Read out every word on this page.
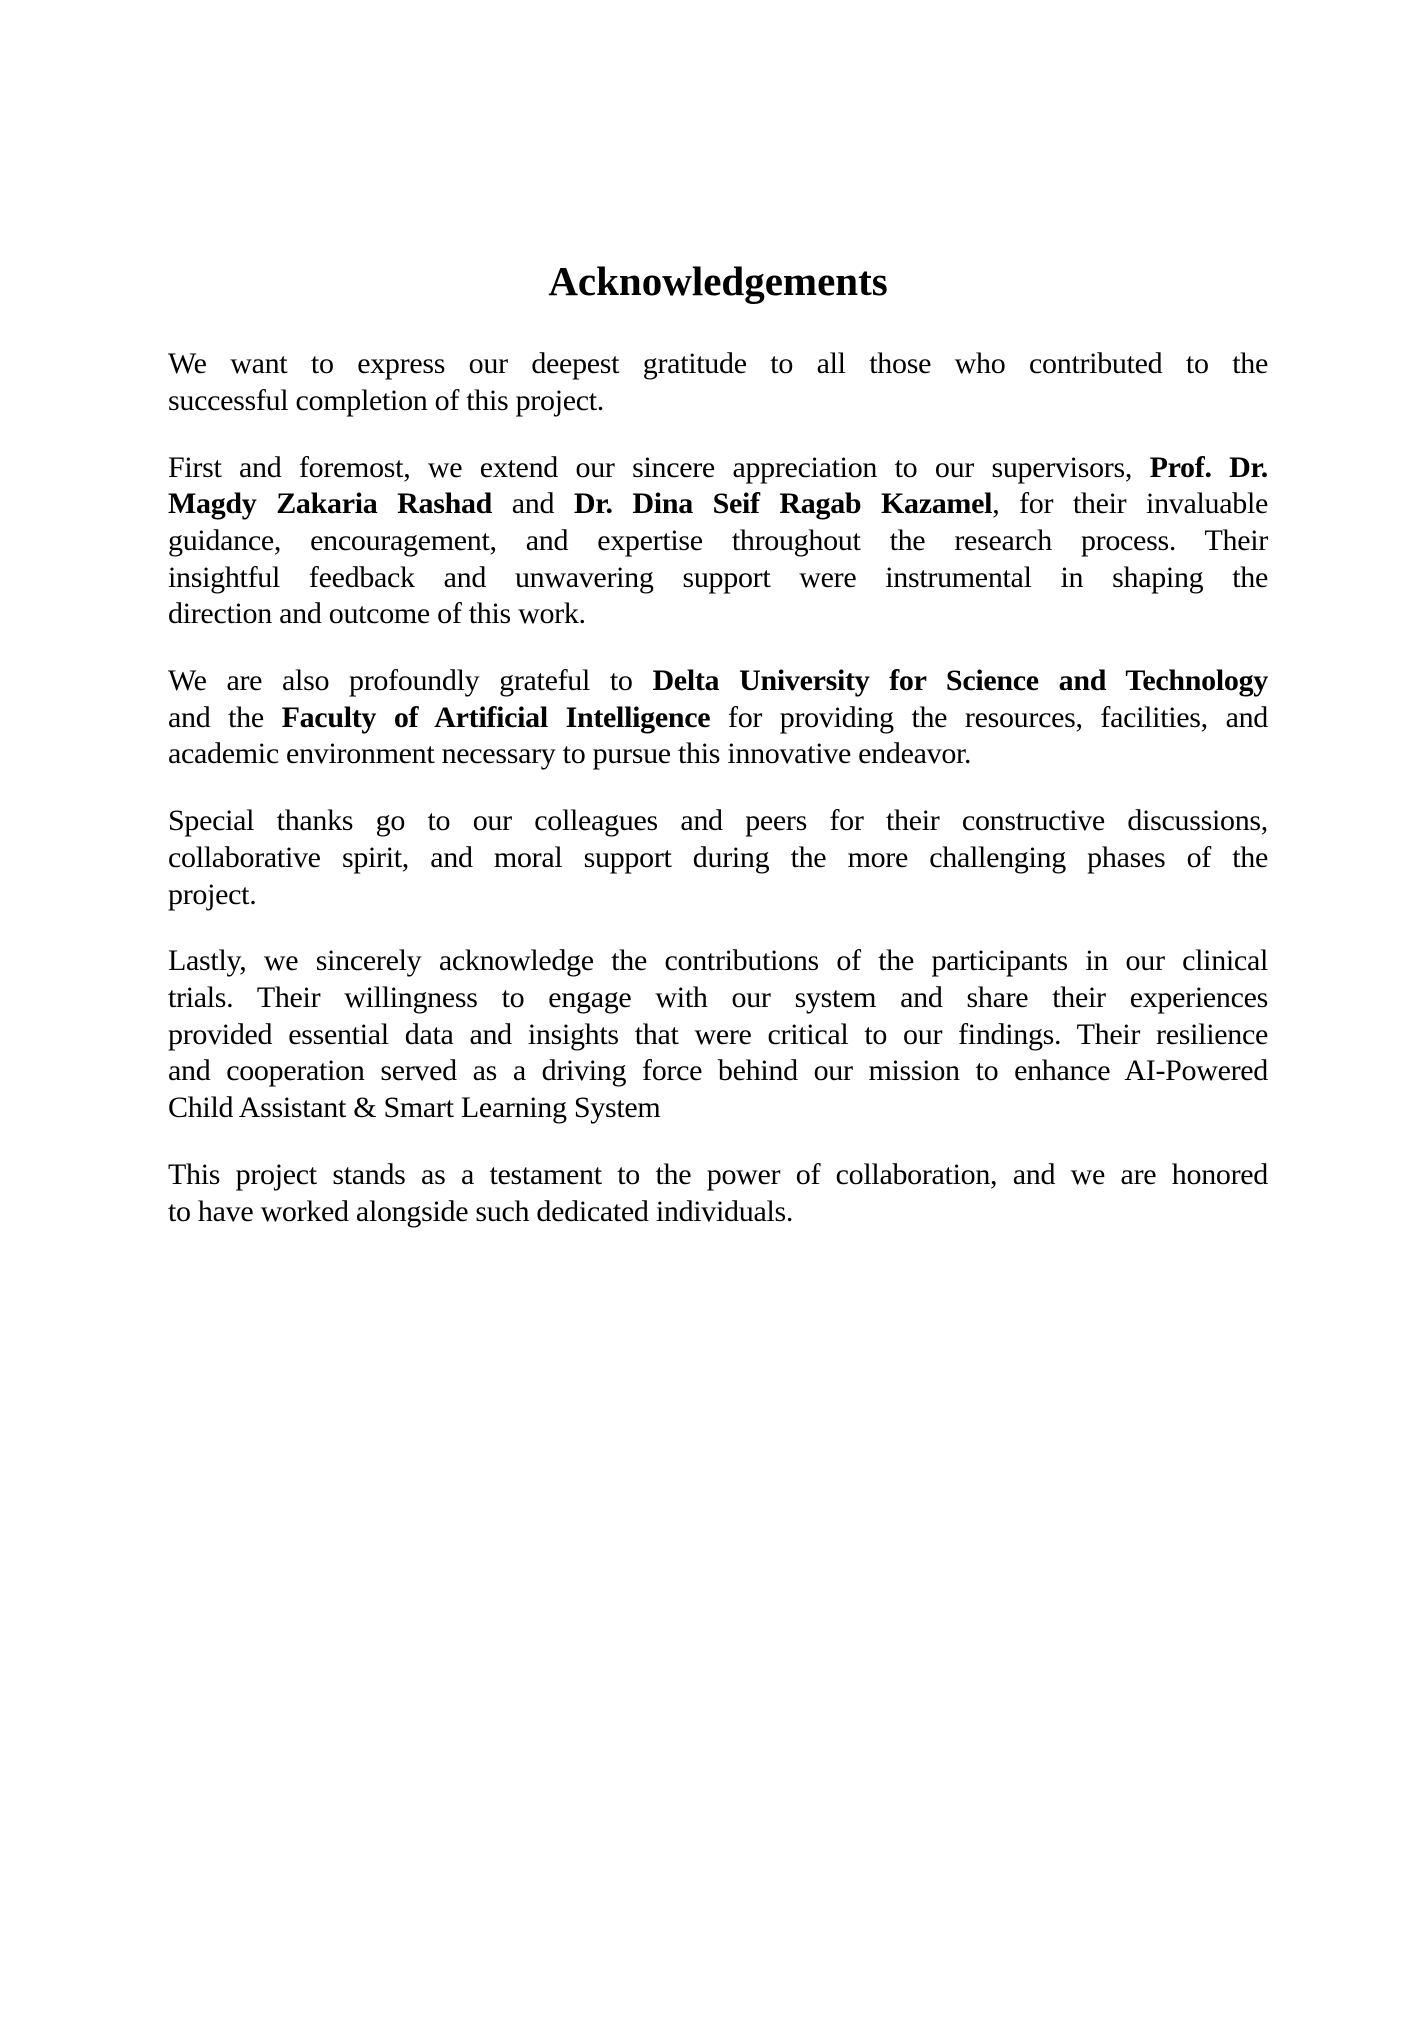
Acknowledgements

We want to express our deepest gratitude to all those who contributed to the
successful completion of this project.

First and foremost, we extend our sincere appreciation to our supervisors, Prof. Dr.
Magdy Zakaria Rashad and Dr. Dina Seif Ragab Kazamel, for their invaluable
guidance, encouragement, and expertise throughout the research process. Their
insightful feedback and unwavering support were instrumental in shaping the
direction and outcome of this work.

We are also profoundly grateful to Delta University for Science and Technology
and the Faculty of Artificial Intelligence for providing the resources, facilities, and
academic environment necessary to pursue this innovative endeavor.

Special thanks go to our colleagues and peers for their constructive discussions,
collaborative spirit, and moral support during the more challenging phases of the
project.

Lastly, we sincerely acknowledge the contributions of the participants in our clinical
trials. Their willingness to engage with our system and share their experiences
provided essential data and insights that were critical to our findings. Their resilience
and cooperation served as a driving force behind our mission to enhance AI-Powered
Child Assistant & Smart Learning System

This project stands as a testament to the power of collaboration, and we are honored
to have worked alongside such dedicated individuals.
